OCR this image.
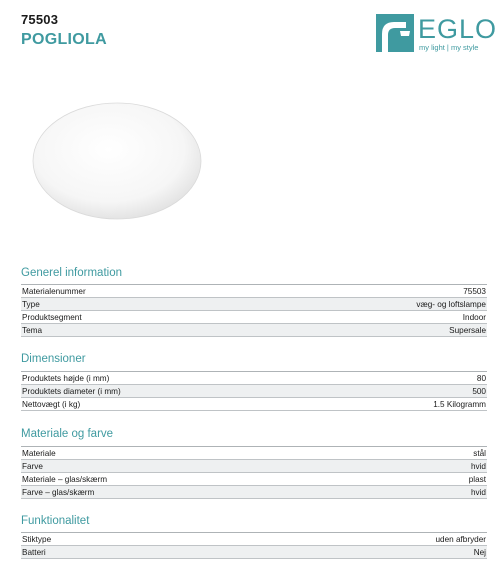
75503
POGLIOLA	EGLO
my light | my style
Generel information
Materialenummer	75503
Type	væg- og loftslampe
Produktsegment	Indoor
Tema	Supersale
Dimensioner
Produktets højde (i mm)	80
Produktets diameter (i mm)	500
Nettovægt (i kg)	1.5 Kilogramm
Materiale og farve
Materiale	stål
Farve	hvid
Materiale – glas/skærm	plast
Farve – glas/skærm	hvid
Funktionalitet
Stiktype	uden afbryder
Batteri	Nej
